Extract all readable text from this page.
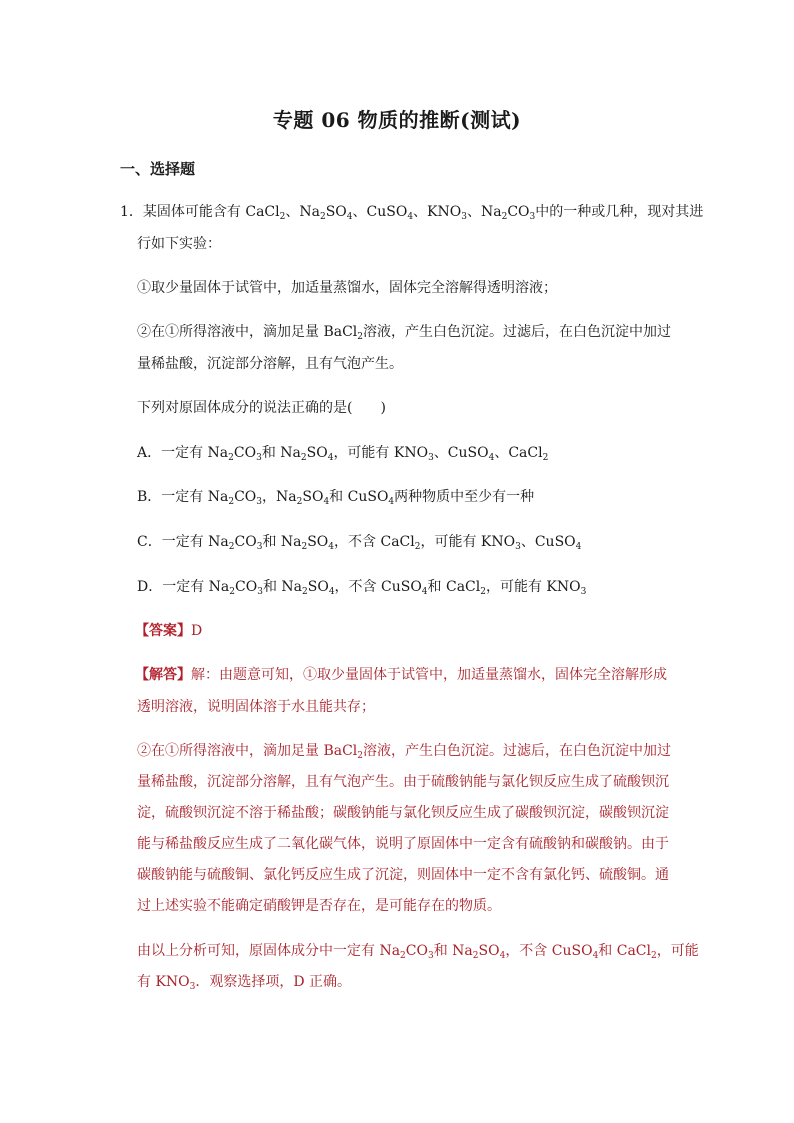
专题 06 物质的推断(测试)
一、选择题
1．某固体可能含有 CaCl$_2$、$Na_2SO_4$、CuSO$_4$、$KNO_3$、$Na_2CO_3$中的一种或几种，现对其进
行如下实验：
①取少量固体于试管中，加适量蒸馏水，固体完全溶解得透明溶液；
②在①所得溶液中，滴加足量 BaCl$_2$溶液，产生白色沉淀。过滤后，在白色沉淀中加过
量稀盐酸，沉淀部分溶解，且有气泡产生。
下列对原固体成分的说法正确的是(　　)
A．一定有 $Na_2CO_3$和 $Na_2SO_4$，可能有 $KNO_3$、CuSO$_4$、CaCl$_2$
B．一定有 $Na_2CO_3$，$Na_2SO_4$和 CuSO$_4$两种物质中至少有一种
C．一定有 $Na_2CO_3$和 $Na_2SO_4$，不含 CaCl$_2$，可能有 $KNO_3$、CuSO$_4$
D．一定有 $Na_2CO_3$和 $Na_2SO_4$，不含 CuSO$_4$和 CaCl$_2$，可能有 $KNO_3$
【答案】D
【解答】解：由题意可知，①取少量固体于试管中，加适量蒸馏水，固体完全溶解形成
透明溶液，说明固体溶于水且能共存；
②在①所得溶液中，滴加足量 BaCl$_2$溶液，产生白色沉淀。过滤后，在白色沉淀中加过
量稀盐酸，沉淀部分溶解，且有气泡产生。由于硫酸钠能与氯化钡反应生成了硫酸钡沉
淀，硫酸钡沉淀不溶于稀盐酸；碳酸钠能与氯化钡反应生成了碳酸钡沉淀，碳酸钡沉淀
能与稀盐酸反应生成了二氧化碳气体，说明了原固体中一定含有硫酸钠和碳酸钠。由于
碳酸钠能与硫酸铜、氯化钙反应生成了沉淀，则固体中一定不含有氯化钙、硫酸铜。通
过上述实验不能确定硝酸钾是否存在，是可能存在的物质。
由以上分析可知，原固体成分中一定有 $Na_2CO_3$和 $Na_2SO_4$，不含 CuSO$_4$和 CaCl$_2$，可能
有 $KNO_3$．观察选择项，D 正确。
